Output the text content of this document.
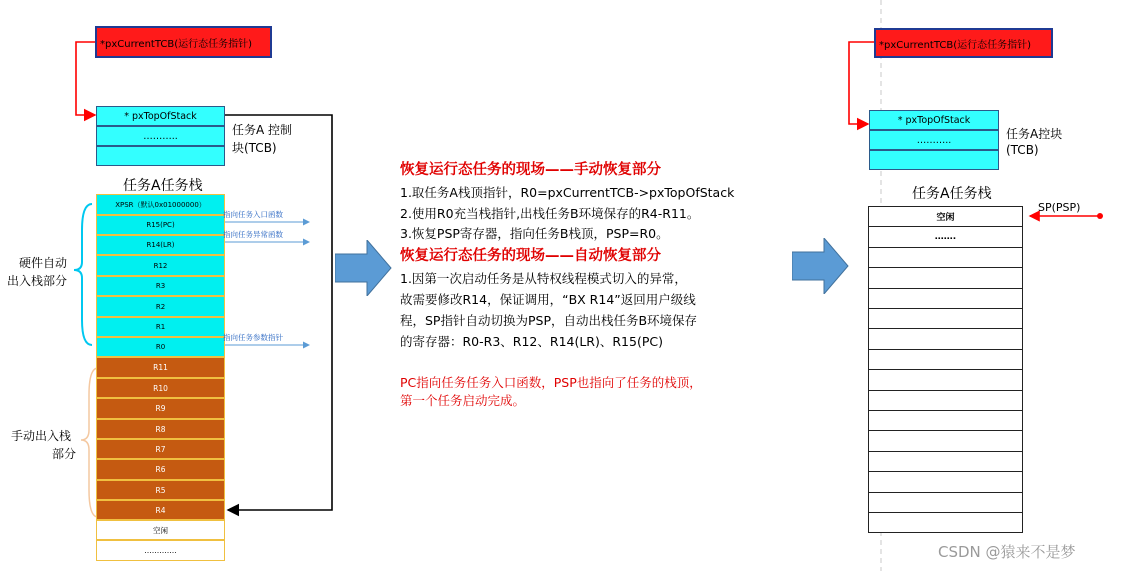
*pxCurrentTCB(运行态任务指针)
* pxTopOfStack
………..	任务A 控制
块(TCB)
任务A任务栈
XPSR（默认0x01000000）
R15(PC)
R14(LR)
R12
R3
R2
R1
R0
R11
R10
R9
R8
R7
R6
R5
R4
空闲
………….
硬件自动
出入栈部分
手动出入栈
部分
指向任务入口函数
指向任务异常函数
指向任务参数指针
恢复运行态任务的现场——手动恢复部分
1.取任务A栈顶指针，R0=pxCurrentTCB->pxTopOfStack
2.使用R0充当栈指针,出栈任务B环境保存的R4-R11。
3.恢复PSP寄存器，指向任务B栈顶，PSP=R0。
恢复运行态任务的现场——自动恢复部分
1.因第一次启动任务是从特权线程模式切入的异常，
故需要修改R14，保证调用，“BX R14”返回用户级线
程，SP指针自动切换为PSP，自动出栈任务B环境保存
的寄存器：R0-R3、R12、R14(LR)、R15(PC)
PC指向任务任务入口函数，PSP也指向了任务的栈顶，
第一个任务启动完成。
*pxCurrentTCB(运行态任务指针)
* pxTopOfStack
………..	任务A控块
(TCB)
任务A任务栈
SP(PSP)
空闲
…….
CSDN @猿来不是梦
